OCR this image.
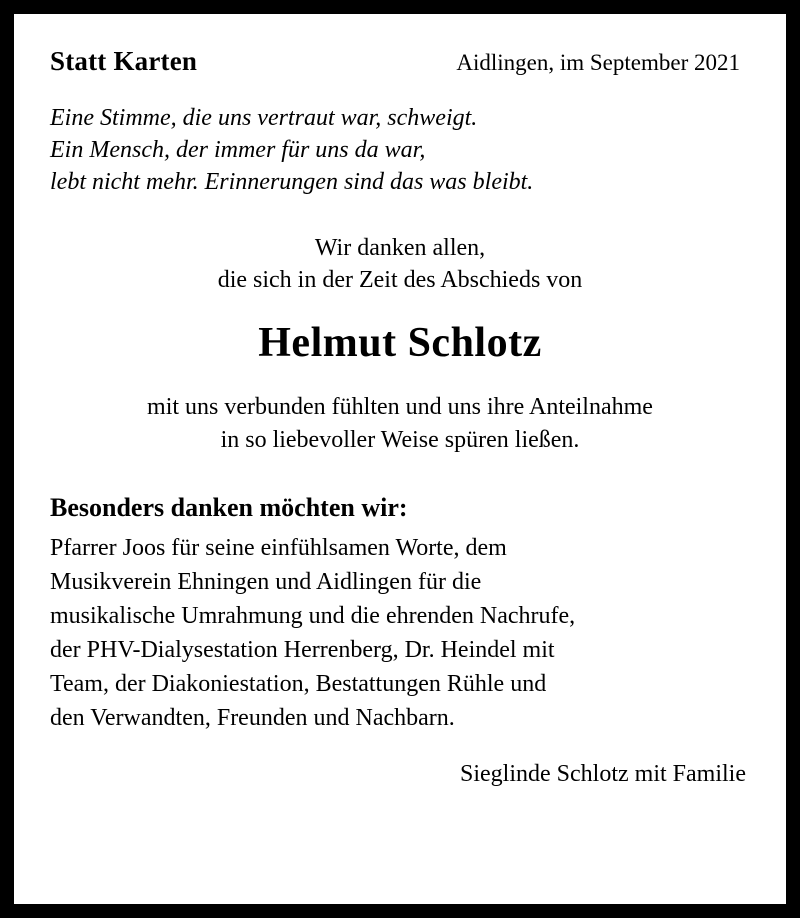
Statt Karten	Aidlingen, im September 2021
Eine Stimme, die uns vertraut war, schweigt.
Ein Mensch, der immer für uns da war,
lebt nicht mehr. Erinnerungen sind das was bleibt.
Wir danken allen,
die sich in der Zeit des Abschieds von
Helmut Schlotz
mit uns verbunden fühlten und uns ihre Anteilnahme
in so liebevoller Weise spüren ließen.
Besonders danken möchten wir:
Pfarrer Joos für seine einfühlsamen Worte, dem
Musikverein Ehningen und Aidlingen für die
musikalische Umrahmung und die ehrenden Nachrufe,
der PHV-Dialysestation Herrenberg, Dr. Heindel mit
Team, der Diakoniestation, Bestattungen Rühle und
den Verwandten, Freunden und Nachbarn.
Sieglinde Schlotz mit Familie
